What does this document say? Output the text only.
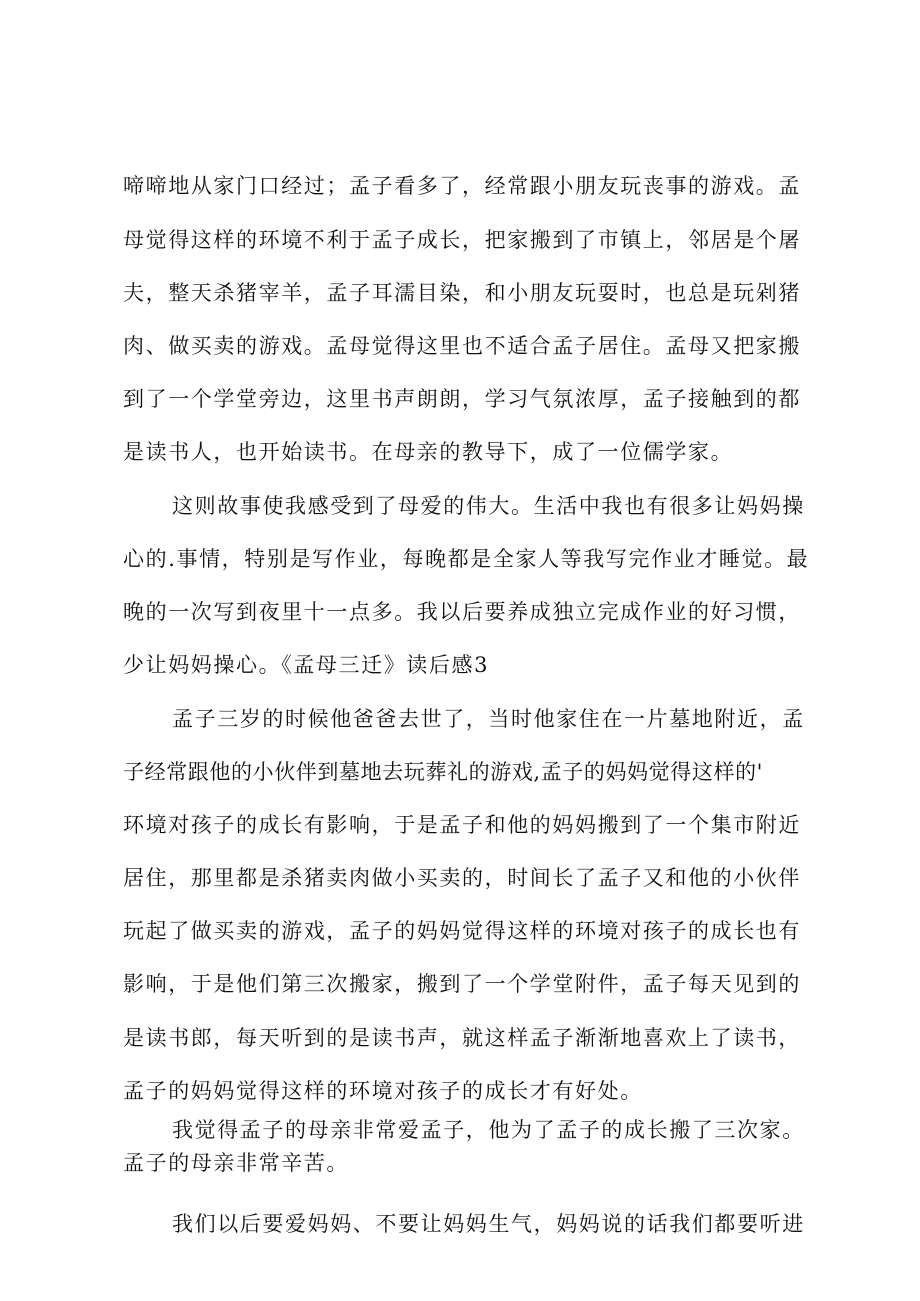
啼啼地从家门口经过；孟子看多了，经常跟小朋友玩丧事的游戏。孟
母觉得这样的环境不利于孟子成长，把家搬到了市镇上，邻居是个屠
夫，整天杀猪宰羊，孟子耳濡目染，和小朋友玩耍时，也总是玩剁猪
肉、做买卖的游戏。孟母觉得这里也不适合孟子居住。孟母又把家搬
到了一个学堂旁边，这里书声朗朗，学习气氛浓厚，孟子接触到的都
是读书人，也开始读书。在母亲的教导下，成了一位儒学家。
这则故事使我感受到了母爱的伟大。生活中我也有很多让妈妈操
心的.事情，特别是写作业，每晚都是全家人等我写完作业才睡觉。最
晚的一次写到夜里十一点多。我以后要养成独立完成作业的好习惯，
少让妈妈操心。《孟母三迁》读后感3
孟子三岁的时候他爸爸去世了，当时他家住在一片墓地附近，孟
子经常跟他的小伙伴到墓地去玩葬礼的游戏,孟子的妈妈觉得这样的'
环境对孩子的成长有影响，于是孟子和他的妈妈搬到了一个集市附近
居住，那里都是杀猪卖肉做小买卖的，时间长了孟子又和他的小伙伴
玩起了做买卖的游戏，孟子的妈妈觉得这样的环境对孩子的成长也有
影响，于是他们第三次搬家，搬到了一个学堂附件，孟子每天见到的
是读书郎，每天听到的是读书声，就这样孟子渐渐地喜欢上了读书，
孟子的妈妈觉得这样的环境对孩子的成长才有好处。
我觉得孟子的母亲非常爱孟子，他为了孟子的成长搬了三次家。
孟子的母亲非常辛苦。
我们以后要爱妈妈、不要让妈妈生气，妈妈说的话我们都要听进
